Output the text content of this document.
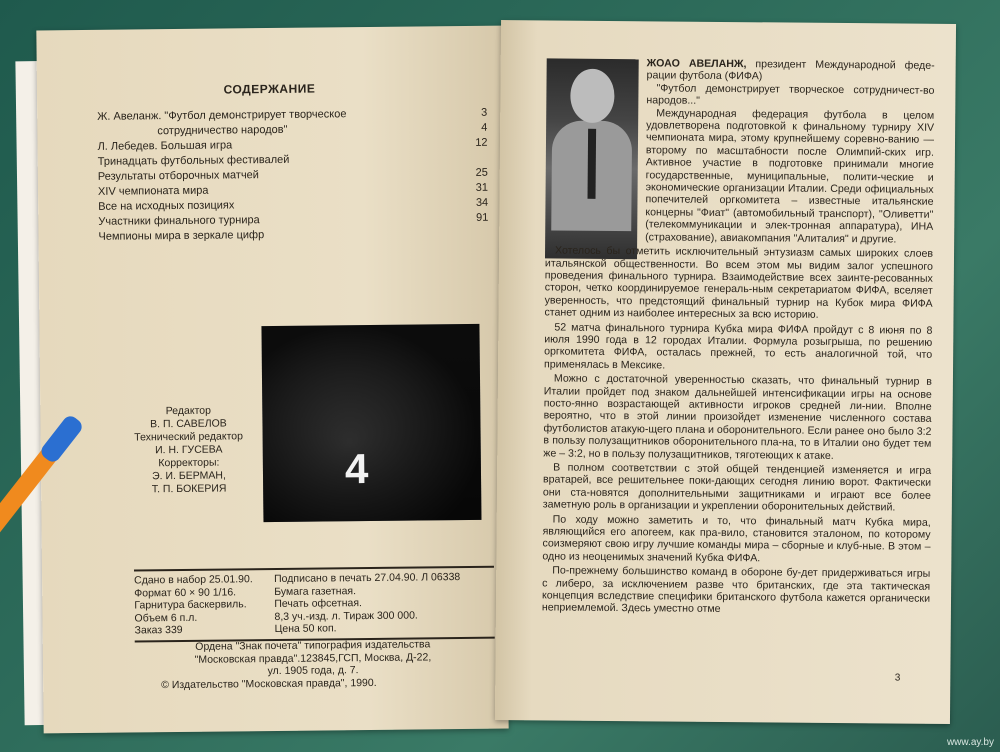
СОДЕРЖАНИЕ
Ж. Авеланж. "Футбол демонстрирует творческое	3
сотрудничество народов"	4
Л. Лебедев. Большая игра	12
Тринадцать футбольных фестивалей
Результаты отборочных матчей	25
XIV чемпионата мира	31
Все на исходных позициях	34
Участники финального турнира	91
Чемпионы мира в зеркале цифр
Редактор
В. П. САВЕЛОВ
Технический редактор
И. Н. ГУСЕВА
Корректоры:
Э. И. БЕРМАН,
Т. П. БОКЕРИЯ	4
Сдано в набор 25.01.90.	Подписано в печать 27.04.90. Л 06338
Формат 60 × 90 1/16.	Бумага газетная.
Гарнитура баскервиль.	Печать офсетная.
Объем 6 п.л.	8,3 уч.-изд. л. Тираж 300 000.
Заказ 339	Цена 50 коп.
Ордена "Знак почета" типография издательства
"Московская правда".123845,ГСП, Москва, Д-22,
ул. 1905 года, д. 7.
© Издательство "Московская правда", 1990.
ЖОАО АВЕЛАНЖ, президент Международной феде-рации футбола (ФИФА)
"Футбол демонстрирует творческое сотрудничест-во народов..."

Международная федерация футбола в целом удовлетворена подготовкой к финальному турниру XIV чемпионата мира, этому крупнейшему соревно-ванию — второму по масштабности после Олимпий-ских игр. Активное участие в подготовке принимали многие государственные, муниципальные, полити-ческие и экономические организации Италии. Среди официальных попечителей оргкомитета – известные итальянские концерны "Фиат" (автомобильный транспорт), "Оливетти" (телекоммуникации и элек-тронная аппаратура), ИНА (страхование), авиакомпания "Алиталия" и другие.

Хотелось бы отметить исключительный энтузиазм самых широких слоев итальянской общественности. Во всем этом мы видим залог успешного проведения финального турнира. Взаимодействие всех заинте-ресованных сторон, четко координируемое генераль-ным секретариатом ФИФА, вселяет уверенность, что предстоящий финальный турнир на Кубок мира ФИФА станет одним из наиболее интересных за всю историю.

52 матча финального турнира Кубка мира ФИФА пройдут с 8 июня по 8 июля 1990 года в 12 городах Италии. Формула розыгрыша, по решению оргкомитета ФИФА, осталась прежней, то есть аналогичной той, что применялась в Мексике.

Можно с достаточной уверенностью сказать, что финальный турнир в Италии пройдет под знаком дальнейшей интенсификации игры на основе посто-янно возрастающей активности игроков средней ли-нии. Вполне вероятно, что в этой линии произойдет изменение численного состава футболистов атакую-щего плана и оборонительного. Если ранее оно было 3:2 в пользу полузащитников оборонительного пла-на, то в Италии оно будет тем же – 3:2, но в пользу полузащитников, тяготеющих к атаке.

В полном соответствии с этой общей тенденцией изменяется и игра вратарей, все решительнее поки-дающих сегодня линию ворот. Фактически они ста-новятся дополнительными защитниками и играют все более заметную роль в организации и укреплении оборонительных действий.

По ходу можно заметить и то, что финальный матч Кубка мира, являющийся его апогеем, как пра-вило, становится эталоном, по которому соизмеряют свою игру лучшие команды мира – сборные и клуб-ные. В этом – одно из неоценимых значений Кубка ФИФА.

По-прежнему большинство команд в обороне бу-дет придерживаться игры с либеро, за исключением разве что британских, где эта тактическая концепция вследствие специфики британского футбола кажется органически неприемлемой. Здесь уместно отме

3
www.ay.by
